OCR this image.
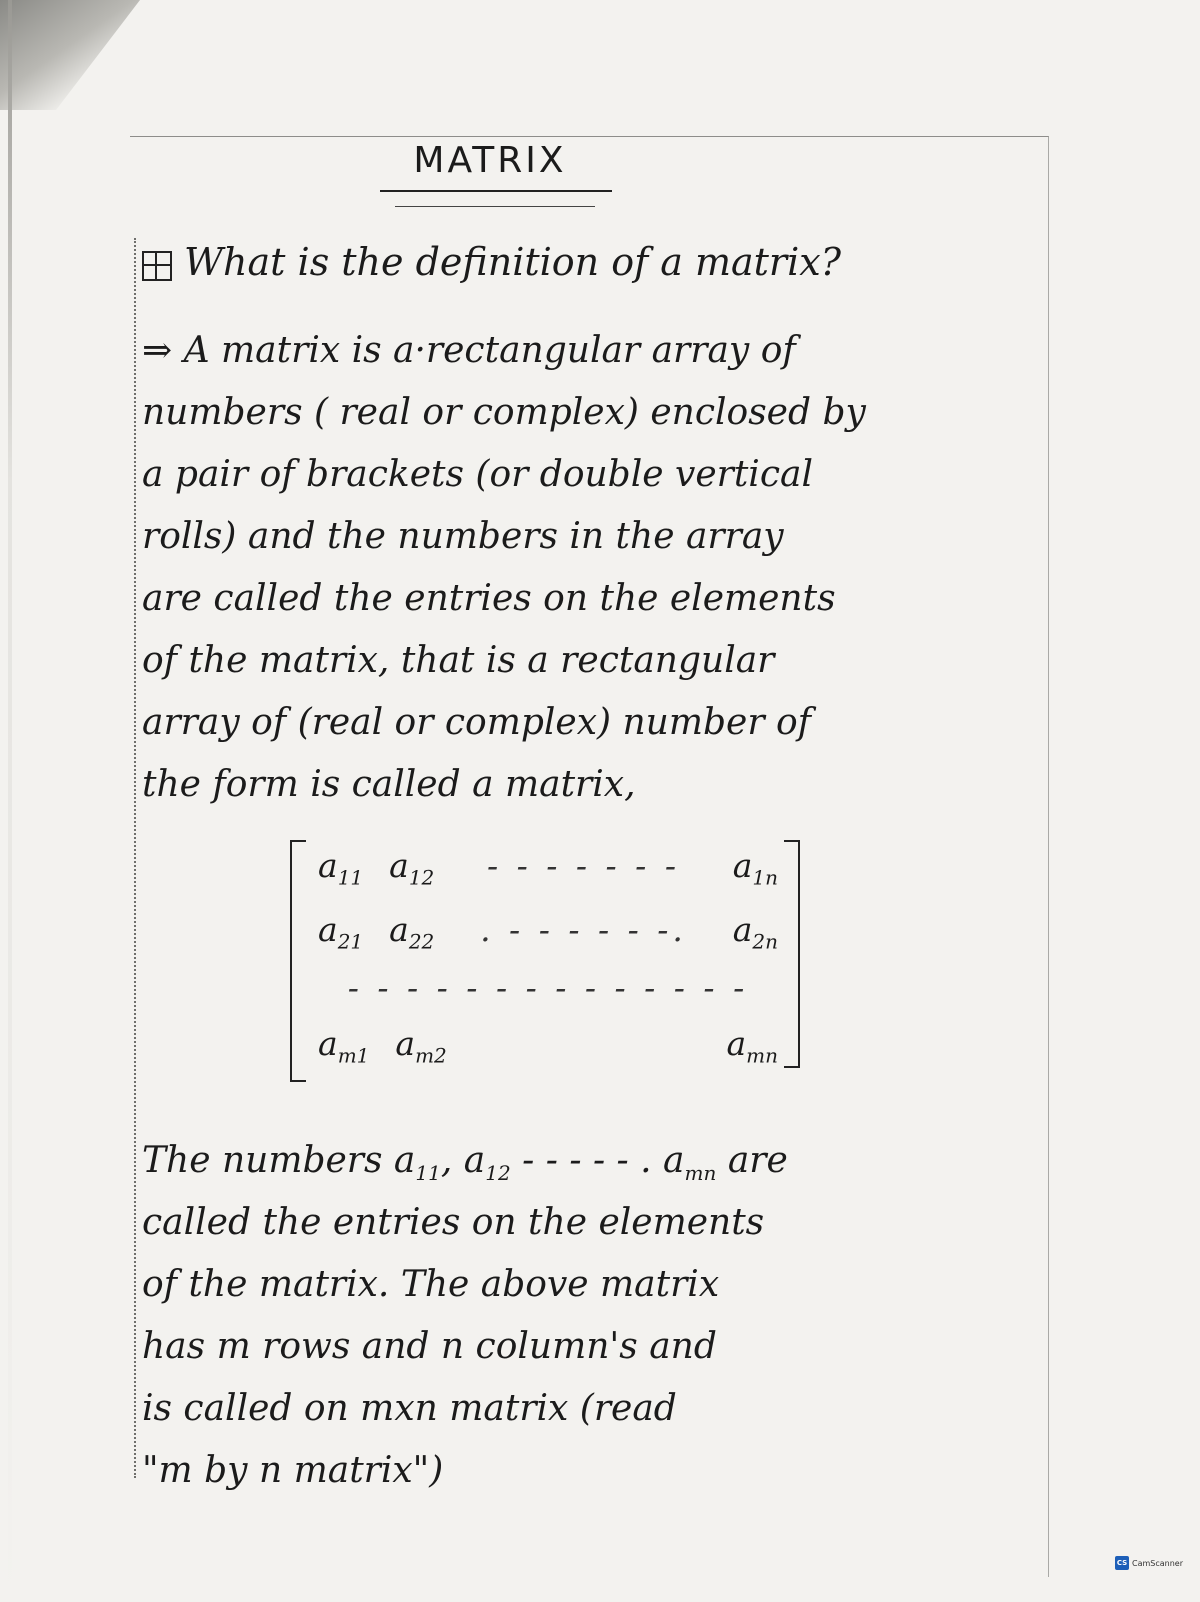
MATRIX
What is the definition of a matrix?
⇒ A matrix is a·rectangular array of
numbers ( real or complex) enclosed by
a pair of brackets (or double vertical
rolls) and the numbers in the array
are called the entries on the elements
of the matrix, that is a rectangular
array of (real or complex) number of
the form is called a matrix,
$a_{11}$ $a_{12}$	- - - - - - -	$a_{1n}$
$a_{21}$ $a_{22}$	. - - - - - -.	$a_{2n}$
- - - - - - - - - - - - - -
$a_{m1}$ $a_{m2}$	$a_{mn}$
The numbers $a_{11}$, $a_{12}$ - - - - - . $a_{mn}$ are
called the entries on the elements
of the matrix. The above matrix
has m rows and n column's and
is called on mxn matrix (read
"m by n matrix")
CS CamScanner
